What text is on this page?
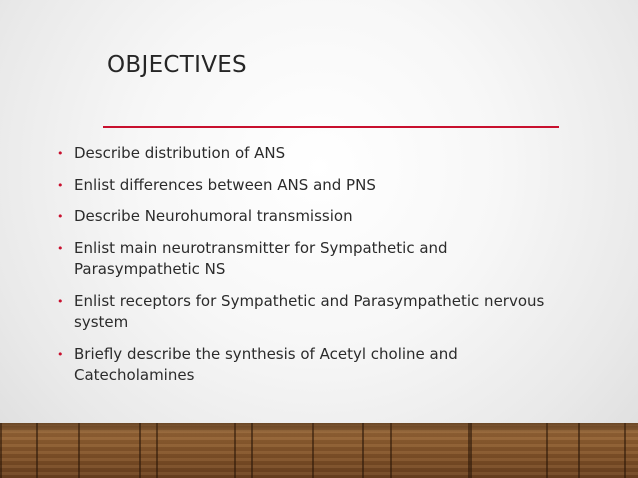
OBJECTIVES
• Describe distribution of ANS
• Enlist differences between ANS and PNS
• Describe Neurohumoral transmission
• Enlist main neurotransmitter for Sympathetic and Parasympathetic NS
• Enlist receptors for Sympathetic and Parasympathetic nervous system
• Briefly describe the synthesis of Acetyl choline and Catecholamines
